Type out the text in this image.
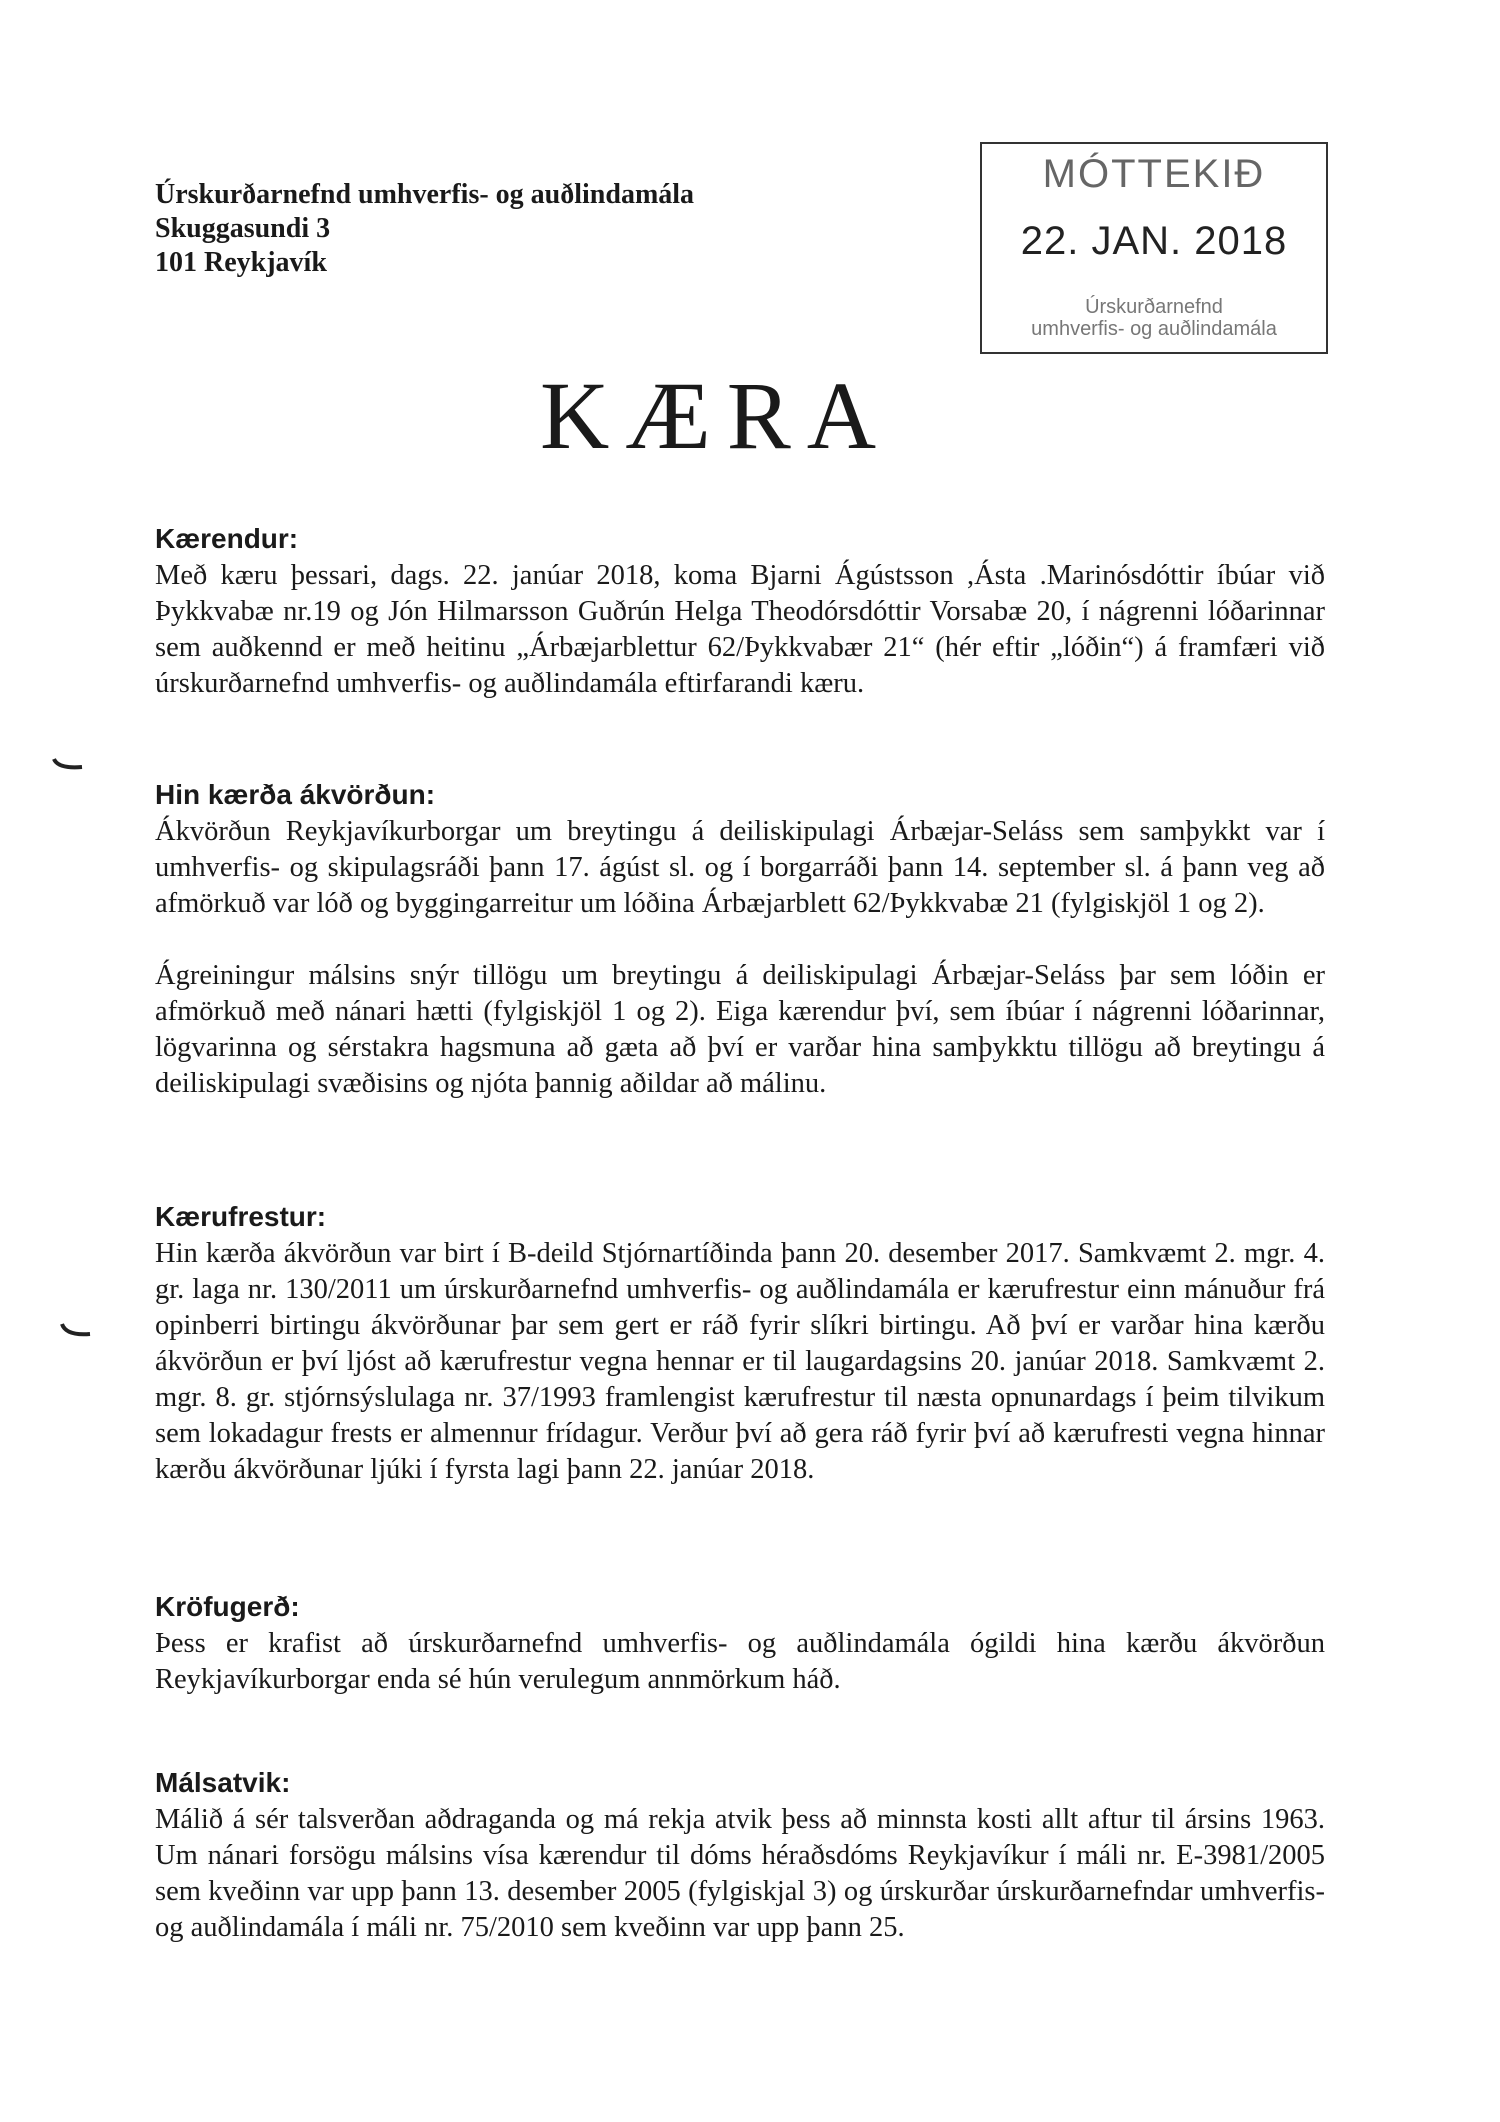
Úrskurðarnefnd umhverfis- og auðlindamála
Skuggasundi 3
101 Reykjavík
MÓTTEKIÐ
22. JAN. 2018
Úrskurðarnefnd
umhverfis- og auðlindamála
KÆRA
Kærendur:
Með kæru þessari, dags. 22. janúar 2018, koma Bjarni Ágústsson ,Ásta .Marinósdóttir íbúar við Þykkvabæ nr.19 og Jón Hilmarsson Guðrún Helga Theodórsdóttir Vorsabæ 20, í nágrenni lóðarinnar sem auðkennd er með heitinu „Árbæjarblettur 62/Þykkvabær 21“ (hér eftir „lóðin“) á framfæri við úrskurðarnefnd umhverfis- og auðlindamála eftirfarandi kæru.
Hin kærða ákvörðun:
Ákvörðun Reykjavíkurborgar um breytingu á deiliskipulagi Árbæjar-Seláss sem samþykkt var í umhverfis- og skipulagsráði þann 17. ágúst sl. og í borgarráði þann 14. september sl. á þann veg að afmörkuð var lóð og byggingarreitur um lóðina Árbæjarblett 62/Þykkvabæ 21 (fylgiskjöl 1 og 2).
Ágreiningur málsins snýr tillögu um breytingu á deiliskipulagi Árbæjar-Seláss þar sem lóðin er afmörkuð með nánari hætti (fylgiskjöl 1 og 2). Eiga kærendur því, sem íbúar í nágrenni lóðarinnar, lögvarinna og sérstakra hagsmuna að gæta að því er varðar hina samþykktu tillögu að breytingu á deiliskipulagi svæðisins og njóta þannig aðildar að málinu.
Kærufrestur:
Hin kærða ákvörðun var birt í B-deild Stjórnartíðinda þann 20. desember 2017. Samkvæmt 2. mgr. 4. gr. laga nr. 130/2011 um úrskurðarnefnd umhverfis- og auðlindamála er kærufrestur einn mánuður frá opinberri birtingu ákvörðunar þar sem gert er ráð fyrir slíkri birtingu. Að því er varðar hina kærðu ákvörðun er því ljóst að kærufrestur vegna hennar er til laugardagsins 20. janúar 2018. Samkvæmt 2. mgr. 8. gr. stjórnsýslulaga nr. 37/1993 framlengist kærufrestur til næsta opnunardags í þeim tilvikum sem lokadagur frests er almennur frídagur. Verður því að gera ráð fyrir því að kærufresti vegna hinnar kærðu ákvörðunar ljúki í fyrsta lagi þann 22. janúar 2018.
Kröfugerð:
Þess er krafist að úrskurðarnefnd umhverfis- og auðlindamála ógildi hina kærðu ákvörðun Reykjavíkurborgar enda sé hún verulegum annmörkum háð.
Málsatvik:
Málið á sér talsverðan aðdraganda og má rekja atvik þess að minnsta kosti allt aftur til ársins 1963. Um nánari forsögu málsins vísa kærendur til dóms héraðsdóms Reykjavíkur í máli nr. E-3981/2005 sem kveðinn var upp þann 13. desember 2005 (fylgiskjal 3) og úrskurðar úrskurðarnefndar umhverfis- og auðlindamála í máli nr. 75/2010 sem kveðinn var upp þann 25.
